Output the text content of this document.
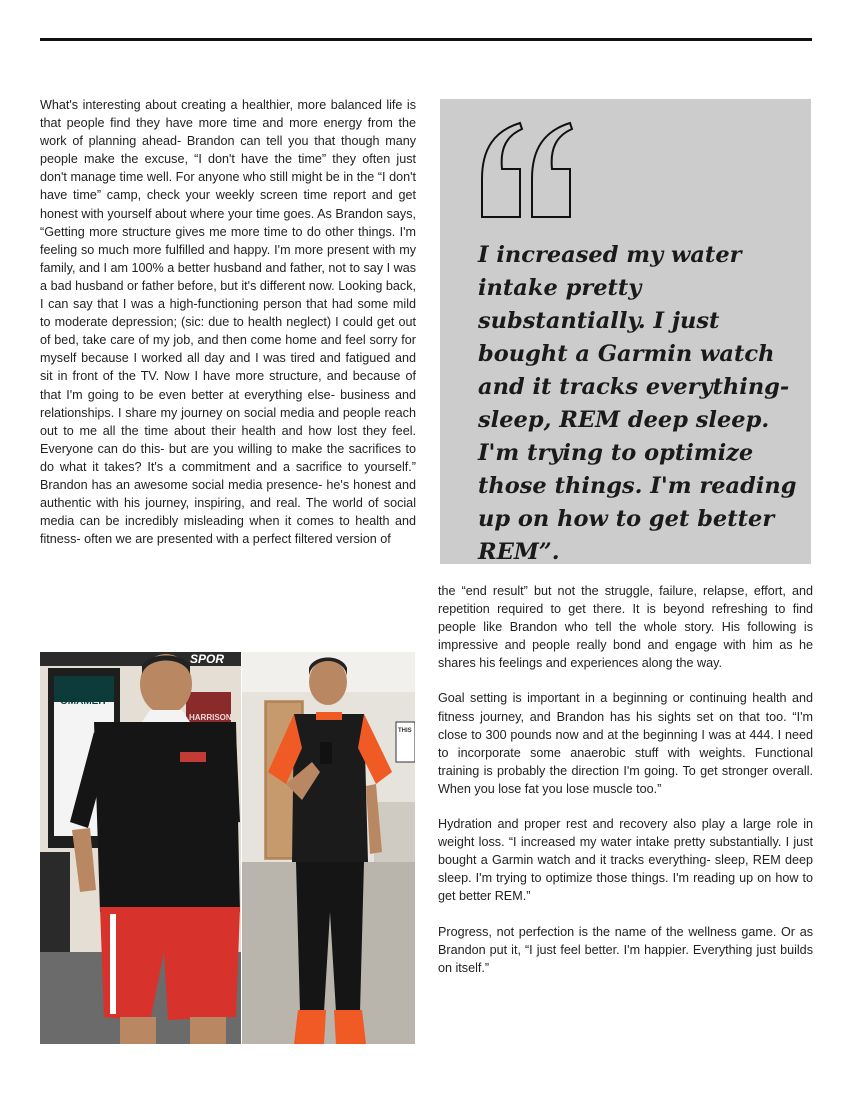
What's interesting about creating a healthier, more balanced life is that people find they have more time and more energy from the work of planning ahead- Brandon can tell you that though many people make the excuse, “I don't have the time” they often just don't manage time well. For anyone who still might be in the “I don't have time” camp, check your weekly screen time report and get honest with yourself about where your time goes. As Brandon says, “Getting more structure gives me more time to do other things. I'm feeling so much more fulfilled and happy. I'm more present with my family, and I am 100% a better husband and father, not to say I was a bad husband or father before, but it's different now. Looking back, I can say that I was a high-functioning person that had some mild to moderate depression; (sic: due to health neglect) I could get out of bed, take care of my job, and then come home and feel sorry for myself because I worked all day and I was tired and fatigued and sit in front of the TV. Now I have more structure, and because of that I'm going to be even better at everything else- business and relationships. I share my journey on social media and people reach out to me all the time about their health and how lost they feel. Everyone can do this- but are you willing to make the sacrifices to do what it takes? It's a commitment and a sacrifice to yourself.” Brandon has an awesome social media presence- he's honest and authentic with his journey, inspiring, and real. The world of social media can be incredibly misleading when it comes to health and fitness- often we are presented with a perfect filtered version of
I increased my water intake pretty substantially. I just bought a Garmin watch and it tracks everything- sleep, REM deep sleep. I'm trying to optimize those things. I'm reading up on how to get better REM”.

the “end result” but not the struggle, failure, relapse, effort, and repetition required to get there. It is beyond refreshing to find people like Brandon who tell the whole story. His following is impressive and people really bond and engage with him as he shares his feelings and experiences along the way.

Goal setting is important in a beginning or continuing health and fitness journey, and Brandon has his sights set on that too. “I'm close to 300 pounds now and at the beginning I was at 444. I need to incorporate some anaerobic stuff with weights. Functional training is probably the direction I'm going. To get stronger overall. When you lose fat you lose muscle too.”

Hydration and proper rest and recovery also play a large role in weight loss. “I increased my water intake pretty substantially. I just bought a Garmin watch and it tracks everything- sleep, REM deep sleep. I'm trying to optimize those things. I'm reading up on how to get better REM.”

Progress, not perfection is the name of the wellness game. Or as Brandon put it, “I just feel better. I'm happier. Everything just builds on itself.”

SPOR
OMAMEH
HARRISON
THIS
